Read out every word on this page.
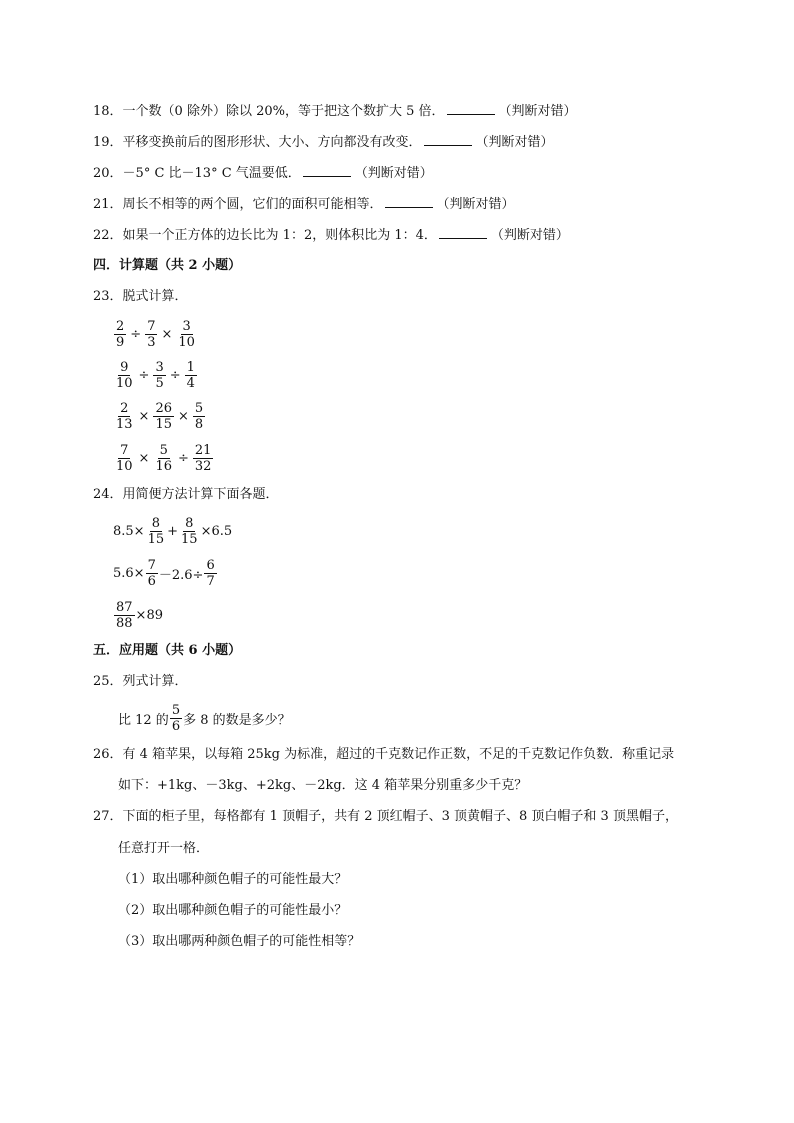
18．一个数（0 除外）除以 20%，等于把这个数扩大 5 倍．	（判断对错）
19．平移变换前后的图形形状、大小、方向都没有改变．	（判断对错）
20．－5° C 比－13° C 气温要低．	（判断对错）
21．周长不相等的两个圆，它们的面积可能相等．	（判断对错）
22．如果一个正方体的边长比为 1：2，则体积比为 1：4．	（判断对错）
四．计算题（共 2 小题）
23．脱式计算．
$\frac{2}{9} \div \frac{7}{3} \times \frac{3}{10}$
$\frac{9}{10} \div \frac{3}{5} \div \frac{1}{4}$
$\frac{2}{13} \times \frac{26}{15} \times \frac{5}{8}$
$\frac{7}{10} \times \frac{5}{16} \div \frac{21}{32}$
24．用简便方法计算下面各题．
$8.5\times \frac{8}{15} + \frac{8}{15} \times 6.5$
$5.6\times \frac{7}{6} -2.6\div \frac{6}{7}$
$\frac{87}{88} \times 89$
五．应用题（共 6 小题）
25．列式计算．
比 12 的 $\frac{5}{6}$ 多 8 的数是多少？
26．有 4 箱苹果，以每箱 25kg 为标准，超过的千克数记作正数，不足的千克数记作负数．称重记录
如下：+1kg、－3kg、+2kg、－2kg．这 4 箱苹果分别重多少千克？
27．下面的柜子里，每格都有 1 顶帽子，共有 2 顶红帽子、3 顶黄帽子、8 顶白帽子和 3 顶黑帽子，
任意打开一格．
（1）取出哪种颜色帽子的可能性最大？
（2）取出哪种颜色帽子的可能性最小？
（3）取出哪两种颜色帽子的可能性相等？
